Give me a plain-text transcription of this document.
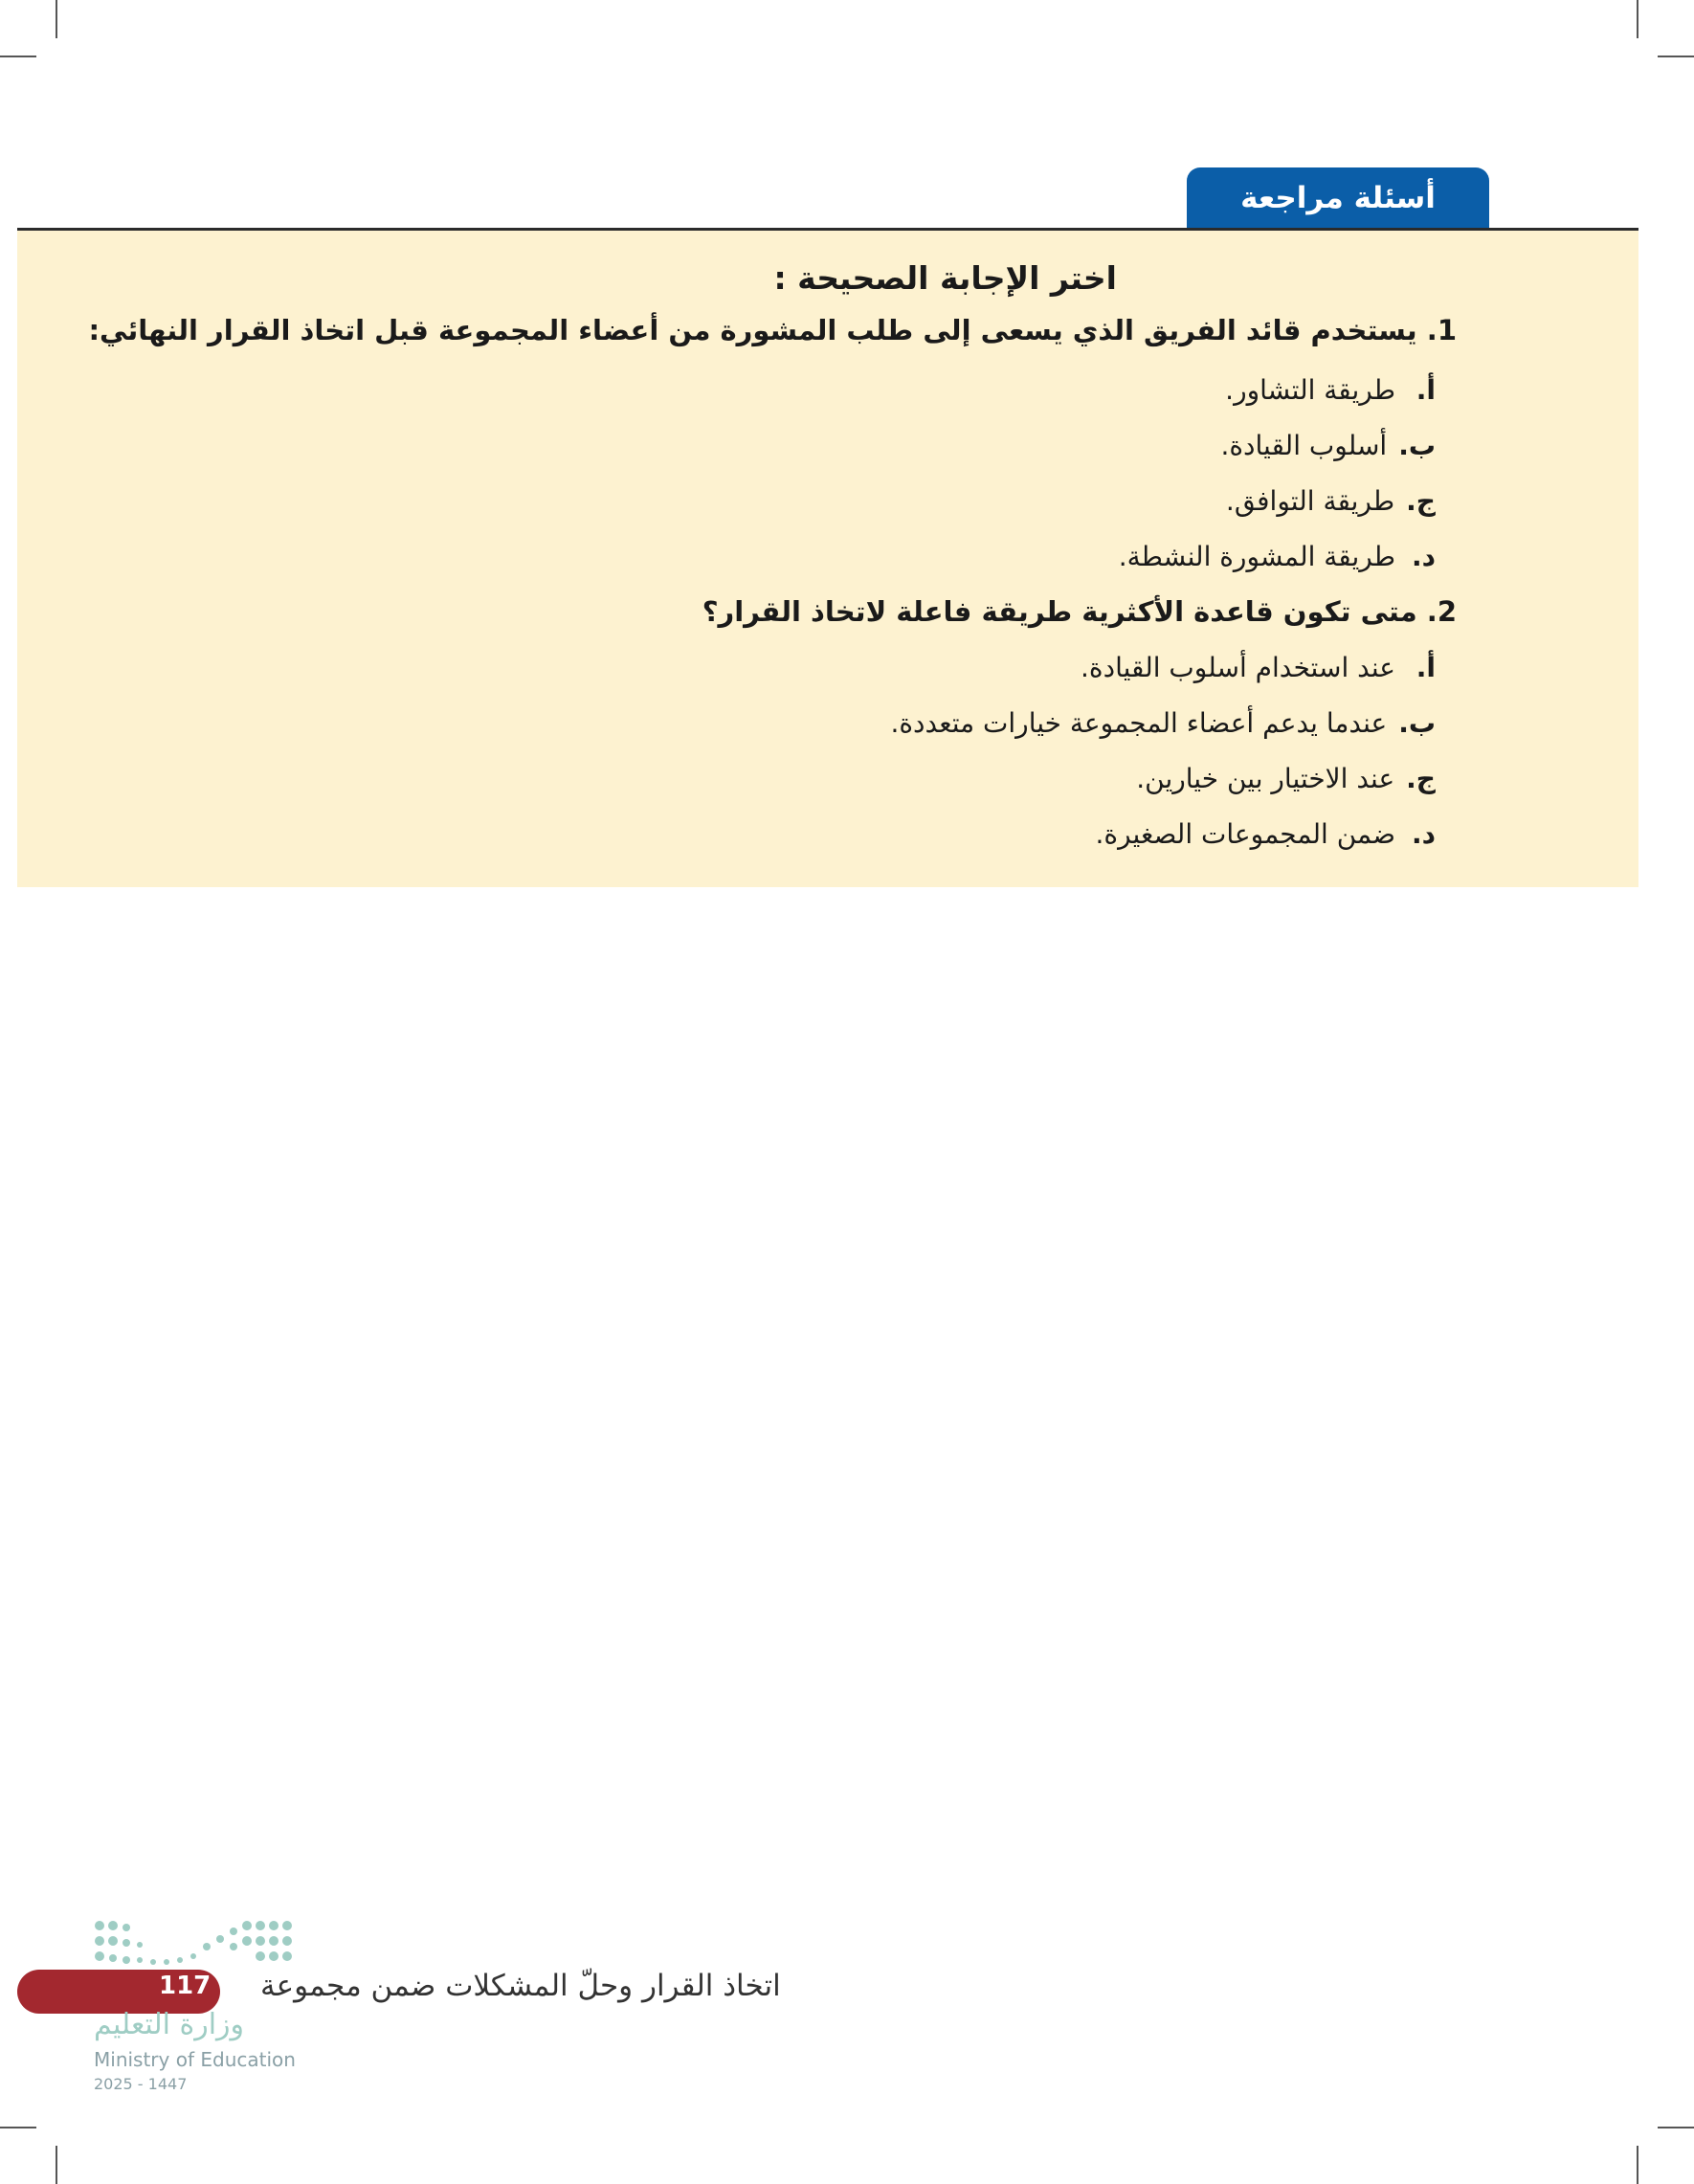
أسئلة مراجعة
اختر الإجابة الصحيحة :
1. يستخدم قائد الفريق الذي يسعى إلى طلب المشورة من أعضاء المجموعة قبل اتخاذ القرار النهائي:
أ.
طريقة التشاور.
ب.
أسلوب القيادة.
ج.
طريقة التوافق.
د.
طريقة المشورة النشطة.
2. متى تكون قاعدة الأكثرية طريقة فاعلة لاتخاذ القرار؟
أ.
عند استخدام أسلوب القيادة.
ب.
عندما يدعم أعضاء المجموعة خيارات متعددة.
ج.
عند الاختيار بين خيارين.
د.
ضمن المجموعات الصغيرة.
117 اتخاذ القرار وحلّ المشكلات ضمن مجموعة
وزارة التعليم
Ministry of Education
2025 - 1447
